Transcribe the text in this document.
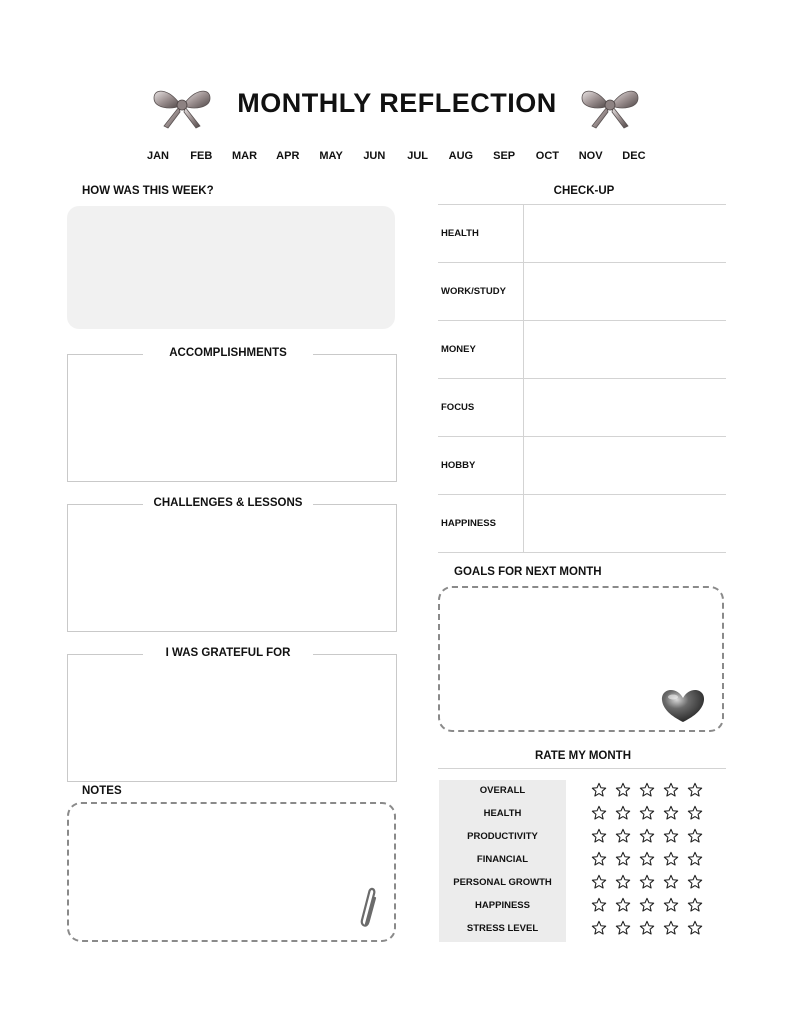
MONTHLY REFLECTION
JAN	FEB	MAR	APR	MAY	JUN	JUL	AUG	SEP	OCT	NOV	DEC
HOW WAS THIS WEEK?
ACCOMPLISHMENTS
CHALLENGES & LESSONS
I WAS GRATEFUL FOR
NOTES
CHECK-UP
HEALTH	
WORK/STUDY	
MONEY	
FOCUS	
HOBBY	
HAPPINESS	
GOALS FOR NEXT MONTH
RATE MY MONTH
OVERALL
HEALTH
PRODUCTIVITY
FINANCIAL
PERSONAL GROWTH
HAPPINESS
STRESS LEVEL
